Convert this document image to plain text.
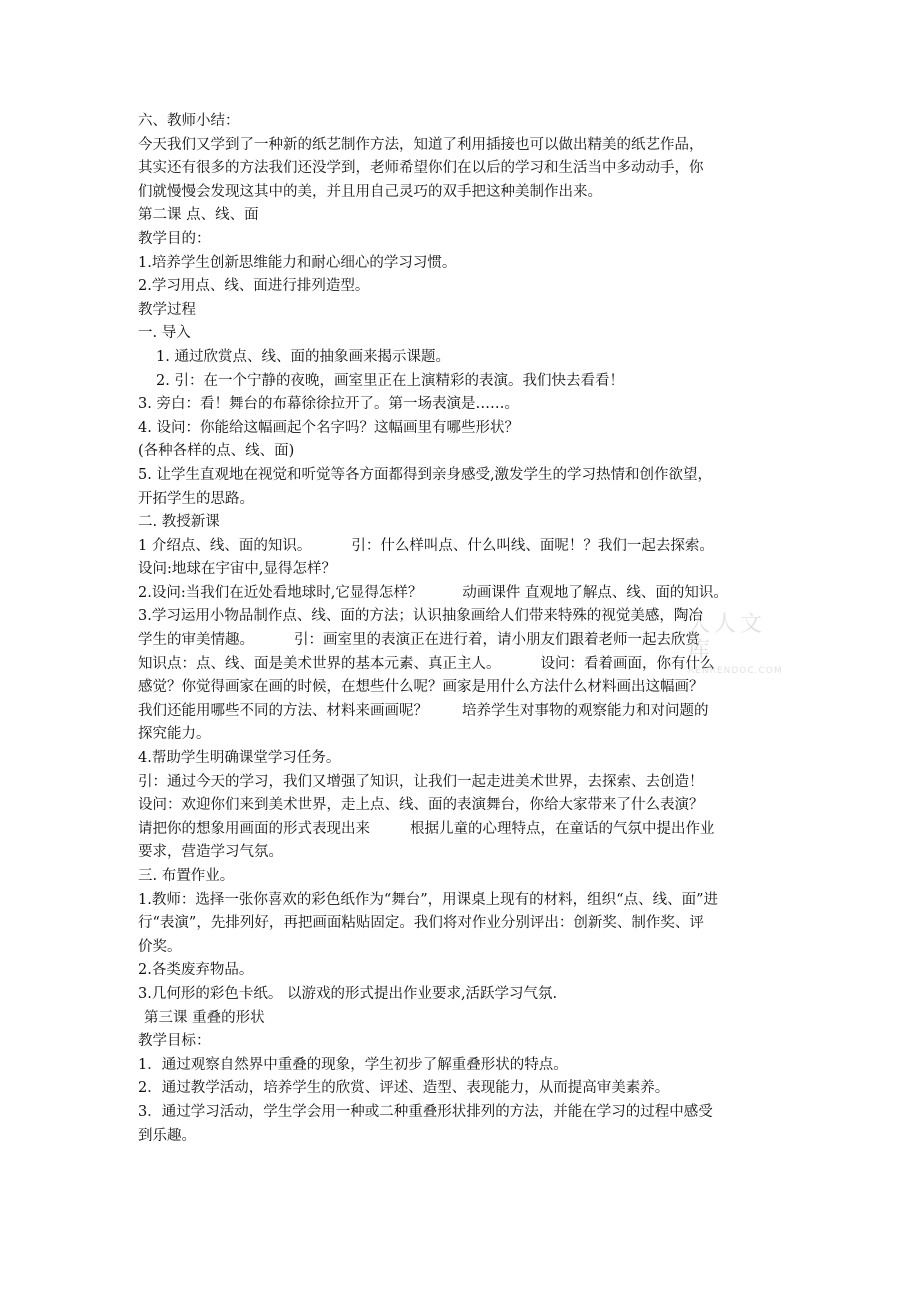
六、教师小结：
今天我们又学到了一种新的纸艺制作方法，知道了利用插接也可以做出精美的纸艺作品，
其实还有很多的方法我们还没学到，老师希望你们在以后的学习和生活当中多动动手，你
们就慢慢会发现这其中的美，并且用自己灵巧的双手把这种美制作出来。
第二课 点、线、面
教学目的：
1.培养学生创新思维能力和耐心细心的学习习惯。
2.学习用点、线、面进行排列造型。
教学过程
一. 导入
1. 通过欣赏点、线、面的抽象画来揭示课题。
2. 引：在一个宁静的夜晚，画室里正在上演精彩的表演。我们快去看看！
3. 旁白：看！舞台的布幕徐徐拉开了。第一场表演是……。
4. 设问：你能给这幅画起个名字吗？这幅画里有哪些形状？
(各种各样的点、线、面)
5. 让学生直观地在视觉和听觉等各方面都得到亲身感受,激发学生的学习热情和创作欲望，
开拓学生的思路。
二. 教授新课
1 介绍点、线、面的知识。	引：什么样叫点、什么叫线、面呢！？我们一起去探索。
设问:地球在宇宙中,显得怎样？
2.设问:当我们在近处看地球时,它显得怎样？	动画课件 直观地了解点、线、面的知识。
3.学习运用小物品制作点、线、面的方法；认识抽象画给人们带来特殊的视觉美感，陶冶
学生的审美情趣。	引：画室里的表演正在进行着，请小朋友们跟着老师一起去欣赏
知识点：点、线、面是美术世界的基本元素、真正主人。	设问：看着画面，你有什么
感觉？你觉得画家在画的时候，在想些什么呢？画家是用什么方法什么材料画出这幅画？
我们还能用哪些不同的方法、材料来画画呢？ 培养学生对事物的观察能力和对问题的
探究能力。
4.帮助学生明确课堂学习任务。
引：通过今天的学习，我们又增强了知识，让我们一起走进美术世界，去探索、去创造！
设问：欢迎你们来到美术世界，走上点、线、面的表演舞台，你给大家带来了什么表演？
请把你的想象用画面的形式表现出来	根据儿童的心理特点，在童话的气氛中提出作业
要求，营造学习气氛。
三. 布置作业。
1.教师：选择一张你喜欢的彩色纸作为“舞台”，用课桌上现有的材料，组织“点、线、面”进
行“表演”，先排列好，再把画面粘贴固定。我们将对作业分别评出：创新奖、制作奖、评
价奖。
2.各类废弃物品。
3.几何形的彩色卡纸。 以游戏的形式提出作业要求,活跃学习气氛.
第三课 重叠的形状
教学目标：
1．通过观察自然界中重叠的现象，学生初步了解重叠形状的特点。
2．通过教学活动，培养学生的欣赏、评述、造型、表现能力，从而提高审美素养。
3．通过学习活动，学生学会用一种或二种重叠形状排列的方法，并能在学习的过程中感受
到乐趣。
人人文库
RENRENDOC.COM
